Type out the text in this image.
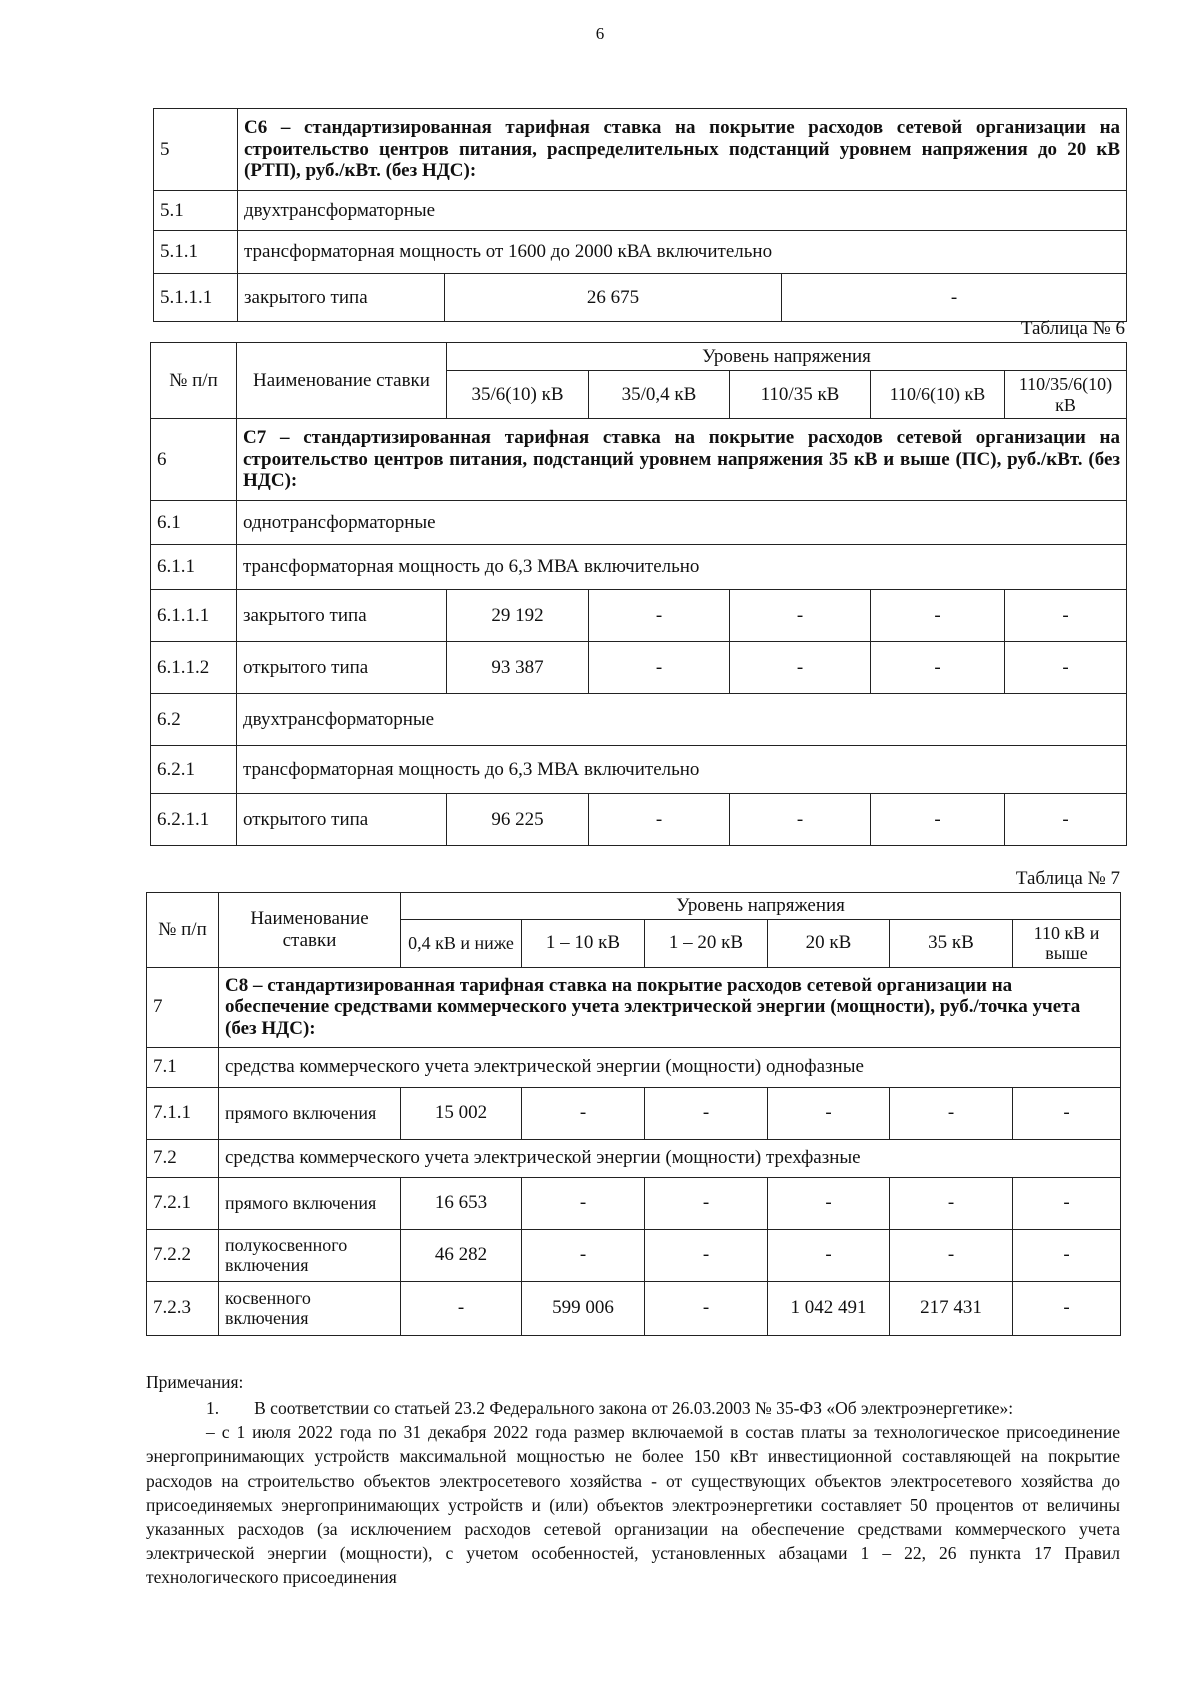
6
5	С6 – стандартизированная тарифная ставка на покрытие расходов сетевой организации на строительство центров питания, распределительных подстанций уровнем напряжения до 20 кВ (РТП), руб./кВт. (без НДС):		
5.1	двухтрансформаторные		
5.1.1	трансформаторная мощность от 1600 до 2000 кВА включительно		
5.1.1.1	закрытого типа	26 675	-
Таблица № 6
№ п/п	Наименование ставки	Уровень напряжения				
		35/6(10) кВ	35/0,4 кВ	110/35 кВ	110/6(10) кВ	110/35/6(10) кВ
6	С7 – стандартизированная тарифная ставка на покрытие расходов сетевой организации на строительство центров питания, подстанций уровнем напряжения 35 кВ и выше (ПС), руб./кВт. (без НДС):					
6.1	однотрансформаторные					
6.1.1	трансформаторная мощность до 6,3 МВА включительно					
6.1.1.1	закрытого типа	29 192	-	-	-	-
6.1.1.2	открытого типа	93 387	-	-	-	-
6.2	двухтрансформаторные					
6.2.1	трансформаторная мощность до 6,3 МВА включительно					
6.2.1.1	открытого типа	96 225	-	-	-	-
Таблица № 7
№ п/п	Наименование ставки	Уровень напряжения					
		0,4 кВ и ниже	1 – 10 кВ	1 – 20 кВ	20 кВ	35 кВ	110 кВ и выше
7	С8 – стандартизированная тарифная ставка на покрытие расходов сетевой организации на обеспечение средствами коммерческого учета электрической энергии (мощности), руб./точка учета (без НДС):						
7.1	средства коммерческого учета электрической энергии (мощности) однофазные						
7.1.1	прямого включения	15 002	-	-	-	-	-
7.2	средства коммерческого учета электрической энергии (мощности) трехфазные						
7.2.1	прямого включения	16 653	-	-	-	-	-
7.2.2	полукосвенного включения	46 282	-	-	-	-	-
7.2.3	косвенного включения	-	599 006	-	1 042 491	217 431	-

Примечания:

1.  В соответствии со статьей 23.2 Федерального закона от 26.03.2003 № 35-ФЗ «Об электроэнергетике»:

– с 1 июля 2022 года по 31 декабря 2022 года размер включаемой в состав платы за технологическое присоединение энергопринимающих устройств максимальной мощностью не более 150 кВт инвестиционной составляющей на покрытие расходов на строительство объектов электросетевого хозяйства - от существующих объектов электросетевого хозяйства до присоединяемых энергопринимающих устройств и (или) объектов электроэнергетики составляет 50 процентов от величины указанных расходов (за исключением расходов сетевой организации на обеспечение средствами коммерческого учета электрической энергии (мощности), с учетом особенностей, установленных абзацами 1 – 22, 26 пункта 17 Правил технологического присоединения
